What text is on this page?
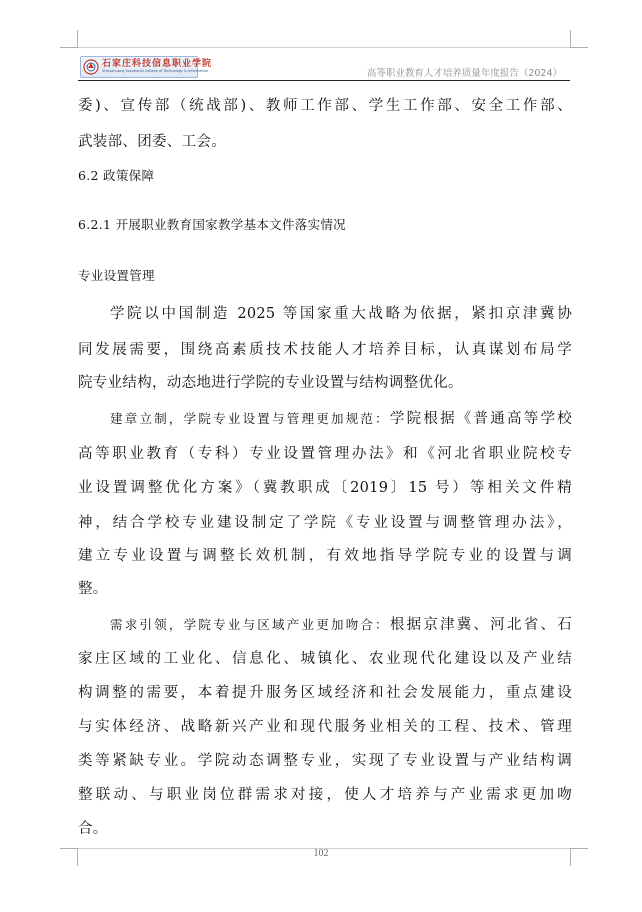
石家庄科技信息职业学院
Shijiazhuang Vocational College of Technology & Information	高等职业教育人才培养质量年度报告（2024）
委)、宣传部（统战部)、教师工作部、学生工作部、安全工作部、
武装部、团委、工会。
6.2 政策保障
6.2.1 开展职业教育国家教学基本文件落实情况
专业设置管理
学院以中国制造 2025 等国家重大战略为依据，紧扣京津冀协
同发展需要，围绕高素质技术技能人才培养目标，认真谋划布局学
院专业结构，动态地进行学院的专业设置与结构调整优化。
建章立制，学院专业设置与管理更加规范：学院根据《普通高等学校
高等职业教育（专科）专业设置管理办法》和《河北省职业院校专
业设置调整优化方案》（冀教职成〔2019〕15 号）等相关文件精
神，结合学校专业建设制定了学院《专业设置与调整管理办法》，
建立专业设置与调整长效机制，有效地指导学院专业的设置与调
整。
需求引领，学院专业与区域产业更加吻合：根据京津冀、河北省、石
家庄区域的工业化、信息化、城镇化、农业现代化建设以及产业结
构调整的需要，本着提升服务区域经济和社会发展能力，重点建设
与实体经济、战略新兴产业和现代服务业相关的工程、技术、管理
类等紧缺专业。学院动态调整专业，实现了专业设置与产业结构调
整联动、与职业岗位群需求对接，使人才培养与产业需求更加吻
合。
102
